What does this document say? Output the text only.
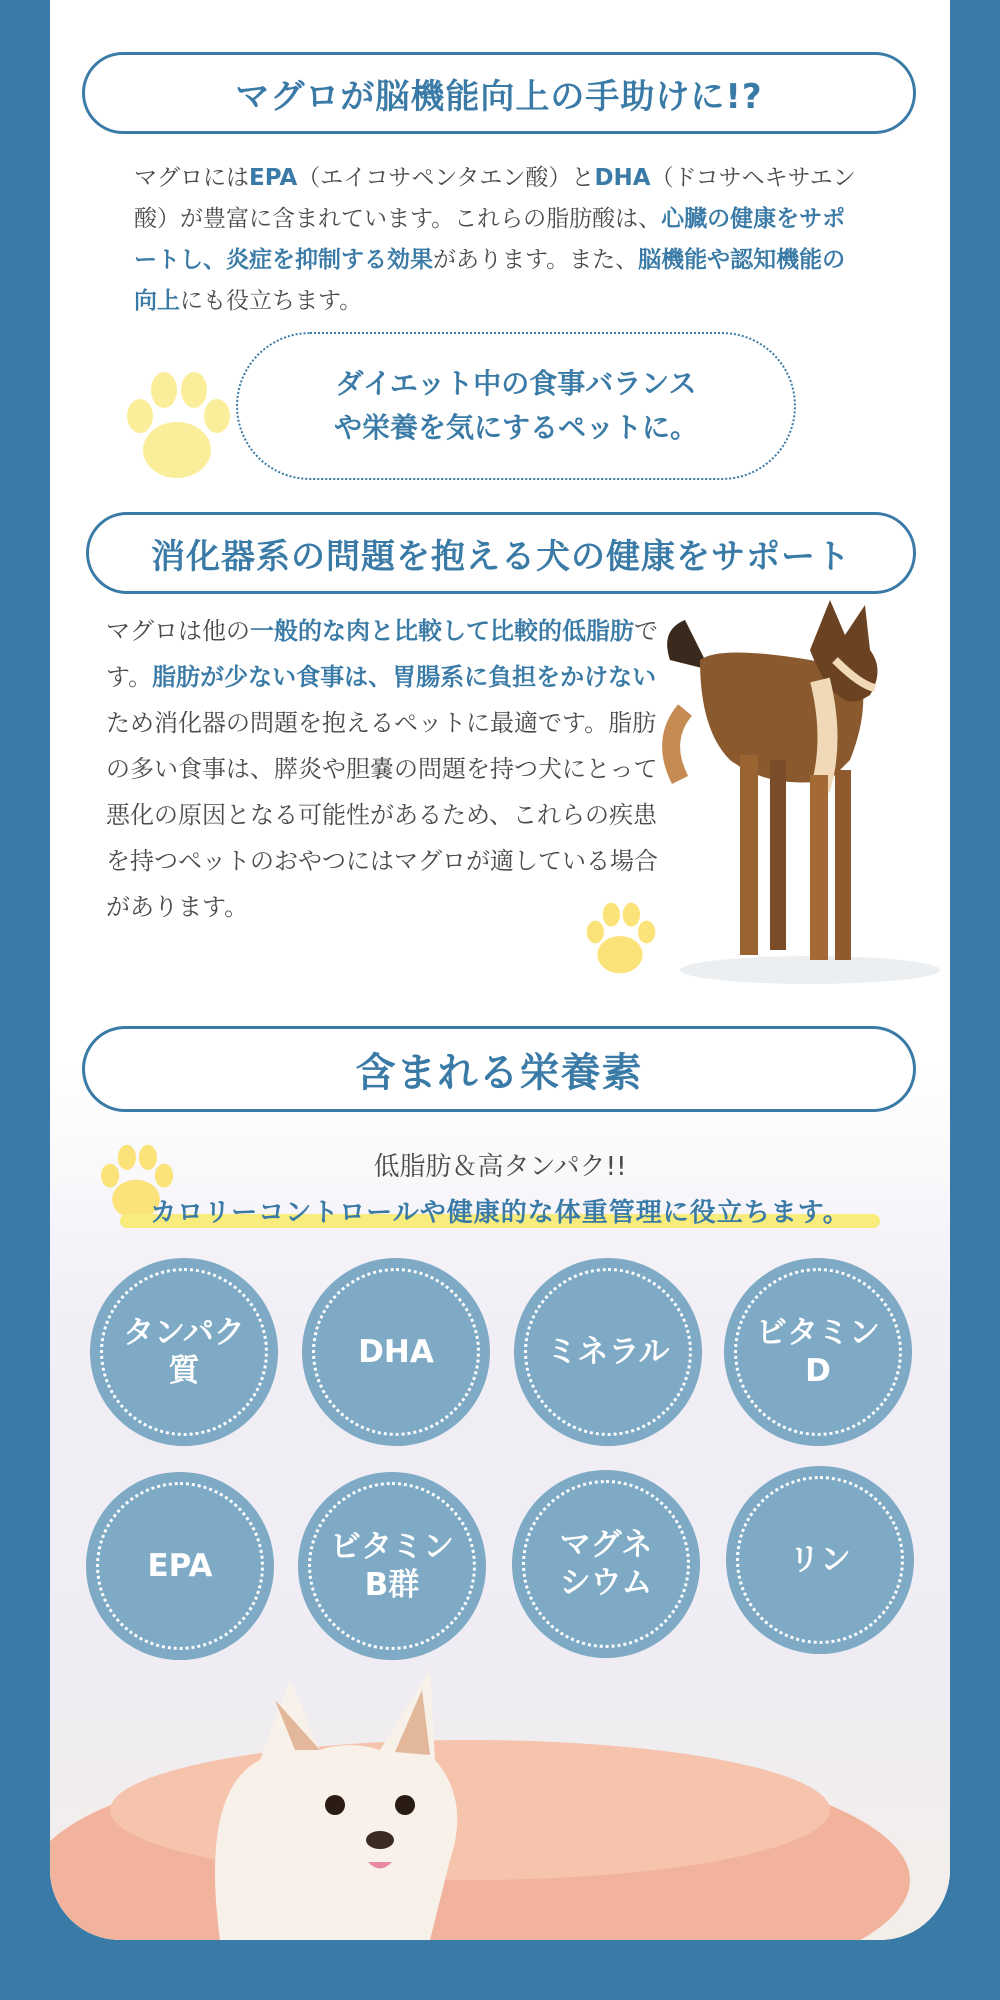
マグロが脳機能向上の手助けに!?
マグロにはEPA（エイコサペンタエン酸）とDHA（ドコサヘキサエン酸）が豊富に含まれています。これらの脂肪酸は、心臓の健康をサポートし、炎症を抑制する効果があります。また、脳機能や認知機能の向上にも役立ちます。
ダイエット中の食事バランス
や栄養を気にするペットに。
消化器系の問題を抱える犬の健康をサポート
マグロは他の一般的な肉と比較して比較的低脂肪です。脂肪が少ない食事は、胃腸系に負担をかけないため消化器の問題を抱えるペットに最適です。脂肪の多い食事は、膵炎や胆嚢の問題を持つ犬にとって悪化の原因となる可能性があるため、これらの疾患を持つペットのおやつにはマグロが適している場合があります。
含まれる栄養素
低脂肪＆高タンパク!!
カロリーコントロールや健康的な体重管理に役立ちます。
タンパク
質
DHA	ミネラル
ビタミン
D
EPA
ビタミン
B群
マグネ
シウム
リン
